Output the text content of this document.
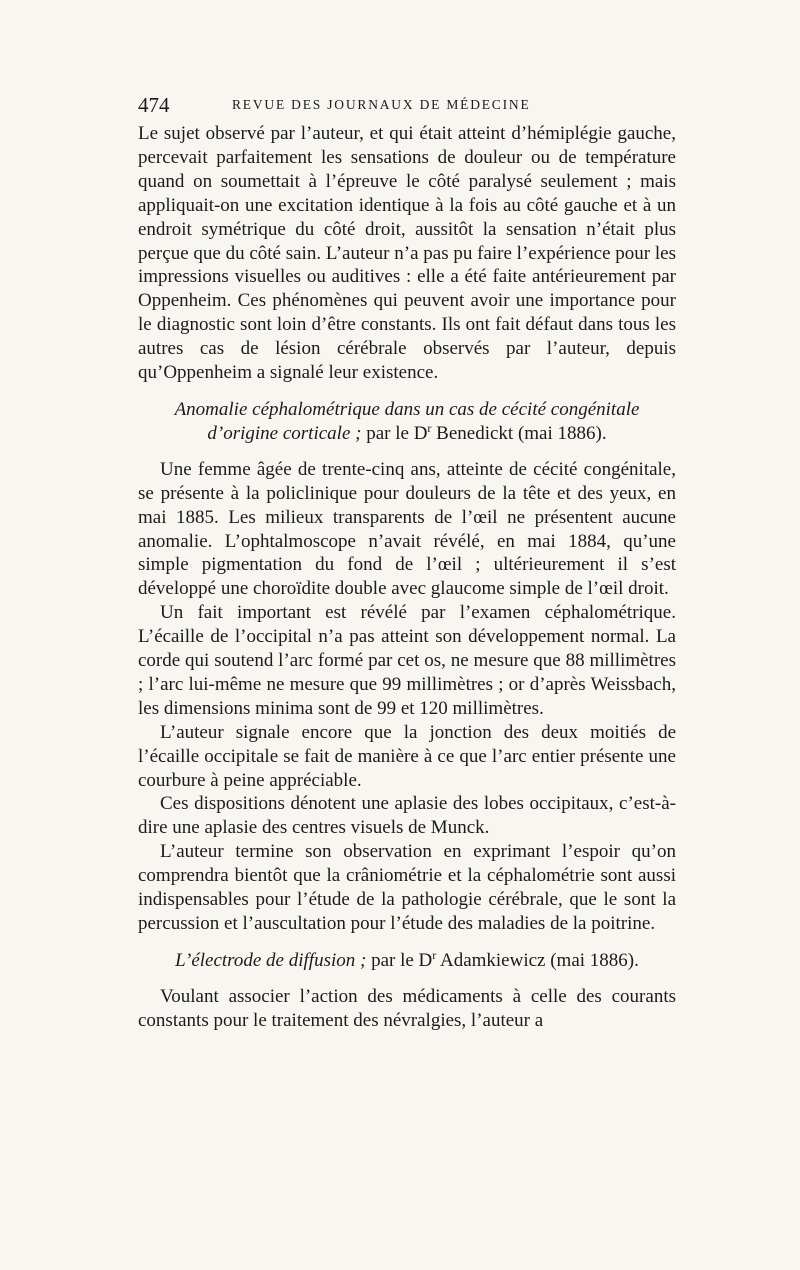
474	REVUE DES JOURNAUX DE MÉDECINE

Le sujet observé par l’auteur, et qui était atteint d’hémiplégie gauche, percevait parfaitement les sensations de douleur ou de température quand on soumettait à l’épreuve le côté paralysé seulement ; mais appliquait-on une excitation identique à la fois au côté gauche et à un endroit symétrique du côté droit, aussitôt la sensation n’était plus perçue que du côté sain. L’auteur n’a pas pu faire l’expérience pour les impressions visuelles ou auditives : elle a été faite antérieurement par Oppenheim. Ces phénomènes qui peuvent avoir une importance pour le diagnostic sont loin d’être constants. Ils ont fait défaut dans tous les autres cas de lésion cérébrale observés par l’auteur, depuis qu’Oppenheim a signalé leur existence.

Anomalie céphalométrique dans un cas de cécité congénitale
d’origine corticale ; par le $D^r$ Benedickt (mai 1886).

Une femme âgée de trente-cinq ans, atteinte de cécité congénitale, se présente à la policlinique pour douleurs de la tête et des yeux, en mai 1885. Les milieux transparents de l’œil ne présentent aucune anomalie. L’ophtalmoscope n’avait révélé, en mai 1884, qu’une simple pigmentation du fond de l’œil ; ultérieurement il s’est développé une choroïdite double avec glaucome simple de l’œil droit.

Un fait important est révélé par l’examen céphalométrique. L’écaille de l’occipital n’a pas atteint son développement normal. La corde qui soutend l’arc formé par cet os, ne mesure que 88 millimètres ; l’arc lui-même ne mesure que 99 millimètres ; or d’après Weissbach, les dimensions minima sont de 99 et 120 millimètres.

L’auteur signale encore que la jonction des deux moitiés de l’écaille occipitale se fait de manière à ce que l’arc entier présente une courbure à peine appréciable.

Ces dispositions dénotent une aplasie des lobes occipitaux, c’est-à-dire une aplasie des centres visuels de Munck.

L’auteur termine son observation en exprimant l’espoir qu’on comprendra bientôt que la crâniométrie et la céphalométrie sont aussi indispensables pour l’étude de la pathologie cérébrale, que le sont la percussion et l’auscultation pour l’étude des maladies de la poitrine.

L’électrode de diffusion ; par le $D^r$ Adamkiewicz (mai 1886).

Voulant associer l’action des médicaments à celle des courants constants pour le traitement des névralgies, l’auteur a
